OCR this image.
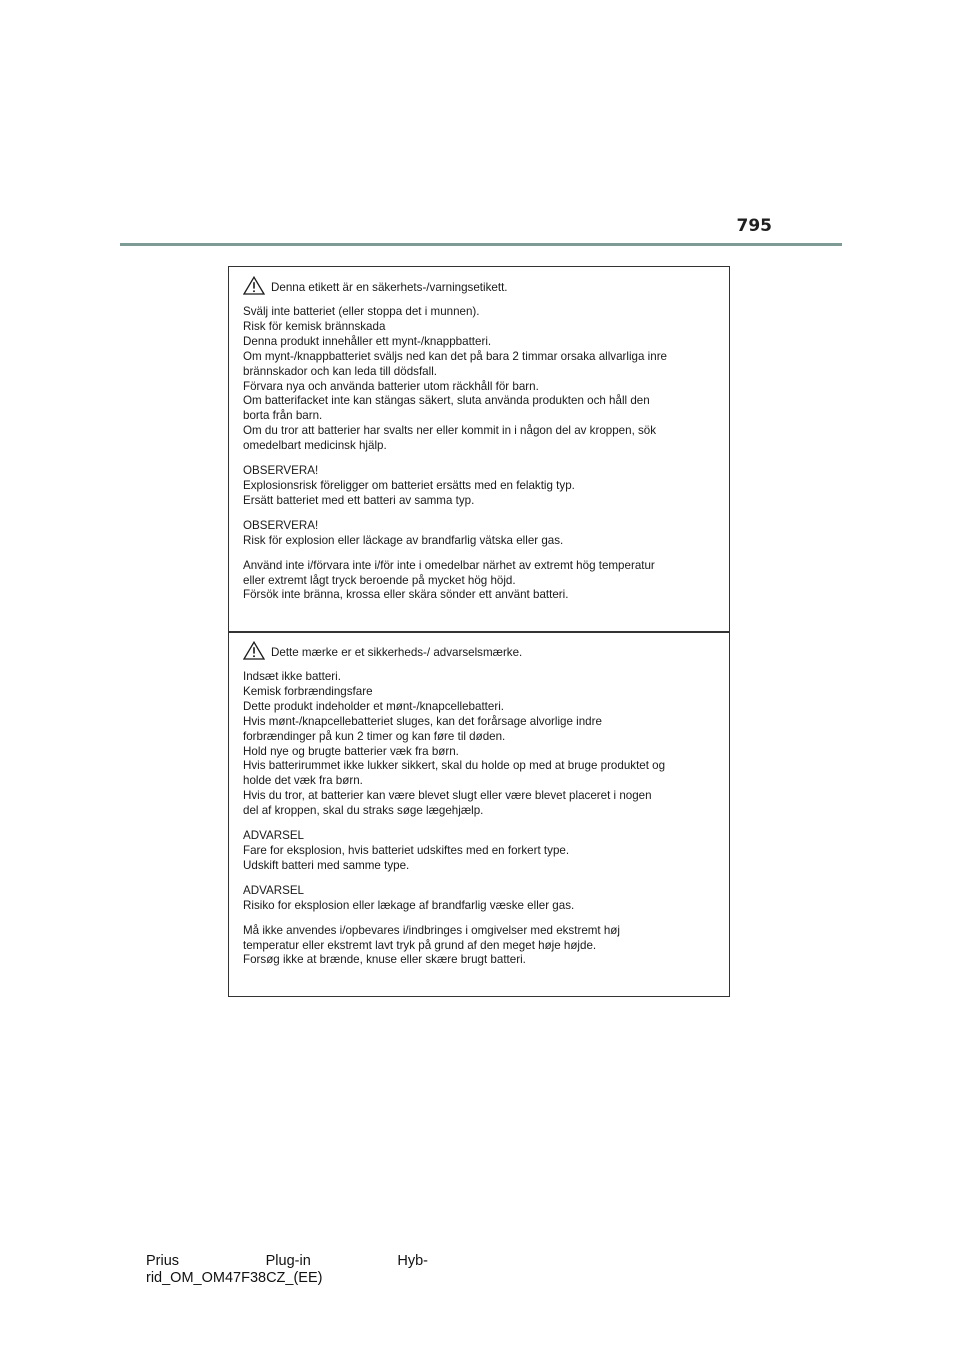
795
Denna etikett är en säkerhets-/varningsetikett.
Svälj inte batteriet (eller stoppa det i munnen).
Risk för kemisk brännskada
Denna produkt innehåller ett mynt-/knappbatteri.
Om mynt-/knappbatteriet sväljs ned kan det på bara 2 timmar orsaka allvarliga inre
brännskador och kan leda till dödsfall.
Förvara nya och använda batterier utom räckhåll för barn.
Om batterifacket inte kan stängas säkert, sluta använda produkten och håll den
borta från barn.
Om du tror att batterier har svalts ner eller kommit in i någon del av kroppen, sök
omedelbart medicinsk hjälp.
OBSERVERA!
Explosionsrisk föreligger om batteriet ersätts med en felaktig typ.
Ersätt batteriet med ett batteri av samma typ.
OBSERVERA!
Risk för explosion eller läckage av brandfarlig vätska eller gas.
Använd inte i/förvara inte i/för inte i omedelbar närhet av extremt hög temperatur
eller extremt lågt tryck beroende på mycket hög höjd.
Försök inte bränna, krossa eller skära sönder ett använt batteri.
Dette mærke er et sikkerheds-/ advarselsmærke.
Indsæt ikke batteri.
Kemisk forbrændingsfare
Dette produkt indeholder et mønt-/knapcellebatteri.
Hvis mønt-/knapcellebatteriet sluges, kan det forårsage alvorlige indre
forbrændinger på kun 2 timer og kan føre til døden.
Hold nye og brugte batterier væk fra børn.
Hvis batterirummet ikke lukker sikkert, skal du holde op med at bruge produktet og
holde det væk fra børn.
Hvis du tror, at batterier kan være blevet slugt eller være blevet placeret i nogen
del af kroppen, skal du straks søge lægehjælp.
ADVARSEL
Fare for eksplosion, hvis batteriet udskiftes med en forkert type.
Udskift batteri med samme type.
ADVARSEL
Risiko for eksplosion eller lækage af brandfarlig væske eller gas.
Må ikke anvendes i/opbevares i/indbringes i omgivelser med ekstremt høj
temperatur eller ekstremt lavt tryk på grund af den meget høje højde.
Forsøg ikke at brænde, knuse eller skære brugt batteri.
Prius	Plug-in	Hyb-
rid_OM_OM47F38CZ_(EE)
